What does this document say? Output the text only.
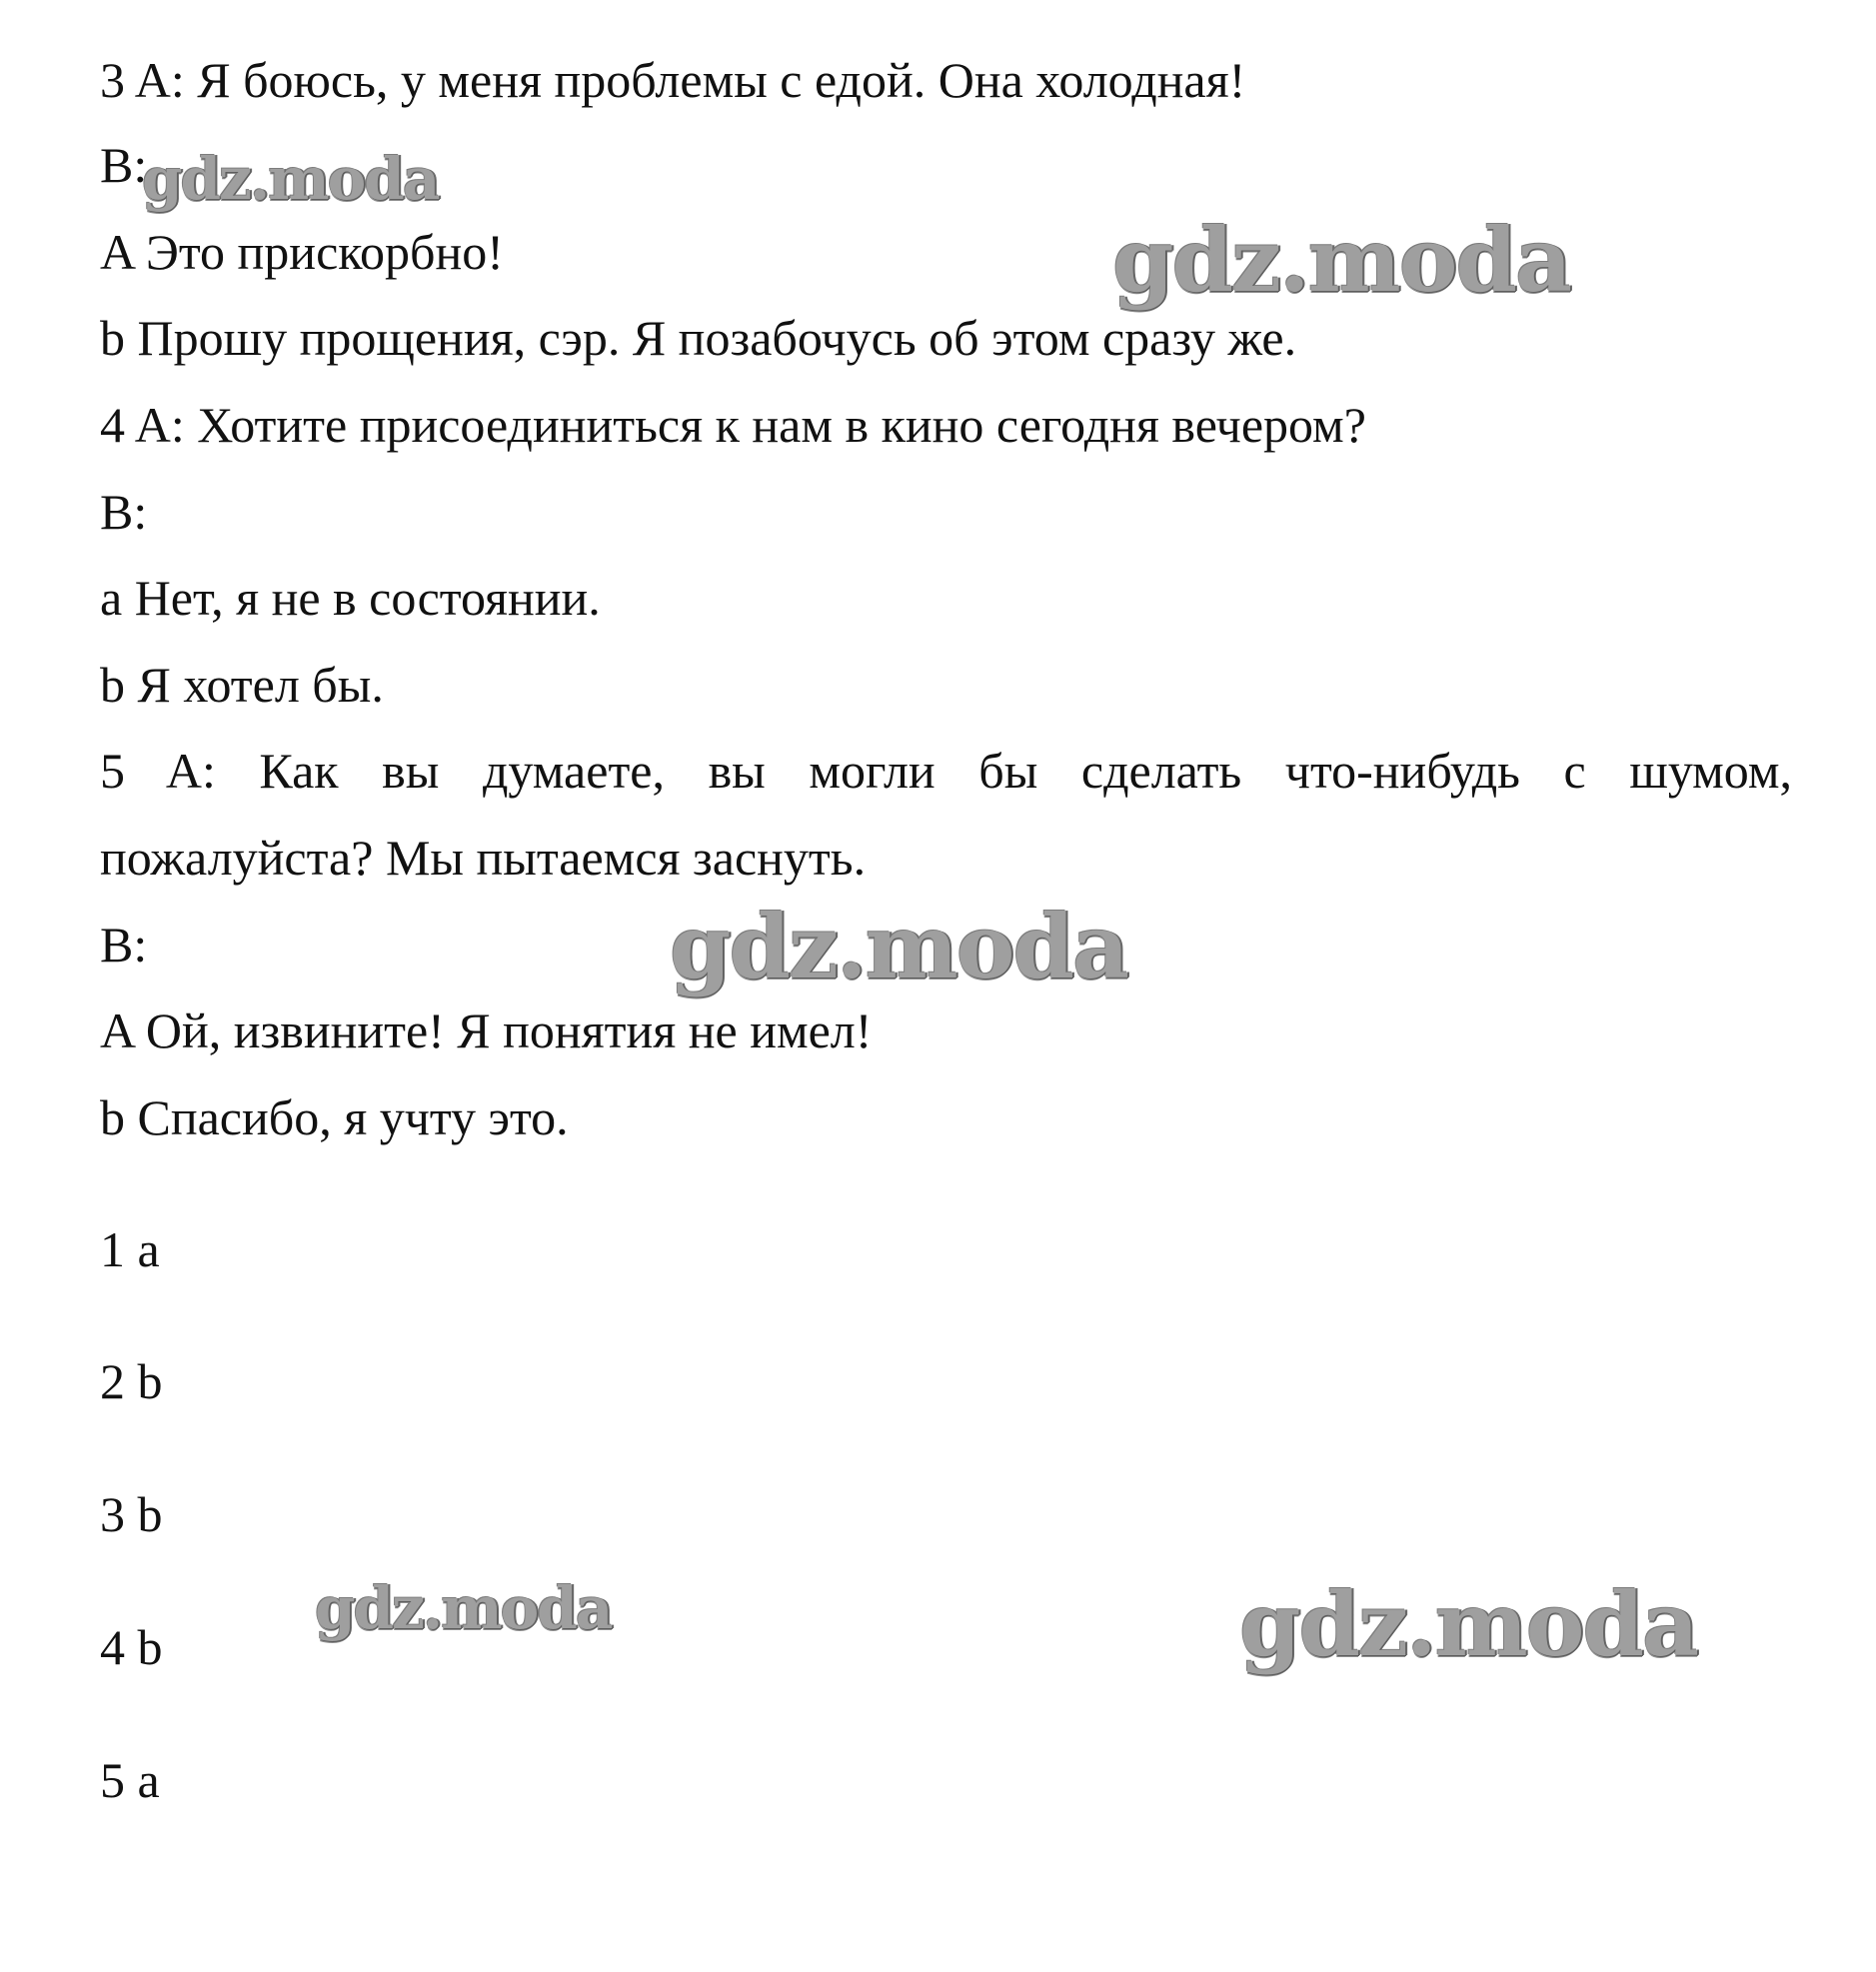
3 A: Я боюсь, у меня проблемы с едой. Она холодная!
B:
A Это прискорбно!
b Прошу прощения, сэр. Я позабочусь об этом сразу же.
4 A: Хотите присоединиться к нам в кино сегодня вечером?
B:
a Нет, я не в состоянии.
b Я хотел бы.
5 A: Как вы думаете, вы могли бы сделать что-нибудь с шумом,
пожалуйста? Мы пытаемся заснуть.
B:
A Ой, извините! Я понятия не имел!
b Спасибо, я учту это.
1 a
2 b
3 b
4 b
5 a
gdz.moda
gdz.moda
gdz.moda
gdz.moda	gdz.moda
